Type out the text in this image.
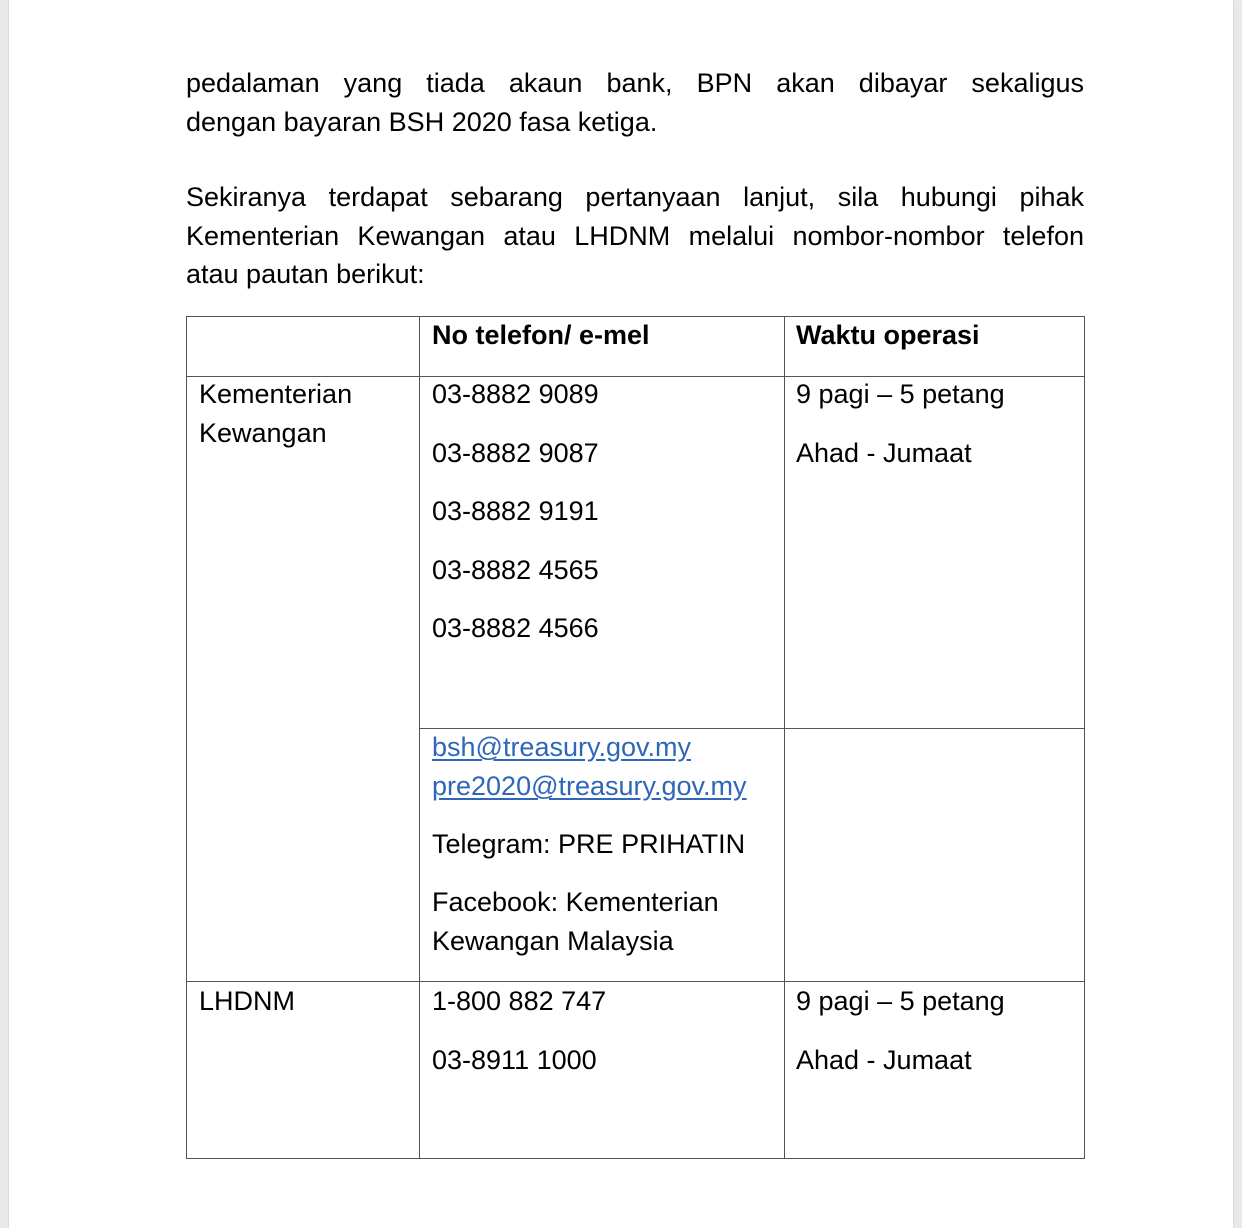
pedalaman yang tiada akaun bank, BPN akan dibayar sekaligus
dengan bayaran BSH 2020 fasa ketiga.

Sekiranya terdapat sebarang pertanyaan lanjut, sila hubungi pihak
Kementerian Kewangan atau LHDNM melalui nombor-nombor telefon
atau pautan berikut:

No telefon/ e-mel	Waktu operasi
Kementerian
Kewangan
03-8882 9089
03-8882 9087
03-8882 9191
03-8882 4565
03-8882 4566
9 pagi – 5 petang
Ahad - Jumaat
bsh@treasury.gov.my
pre2020@treasury.gov.my
Telegram: PRE PRIHATIN
Facebook: Kementerian
Kewangan Malaysia
LHDNM	1-800 882 747
03-8911 1000
9 pagi – 5 petang
Ahad - Jumaat
